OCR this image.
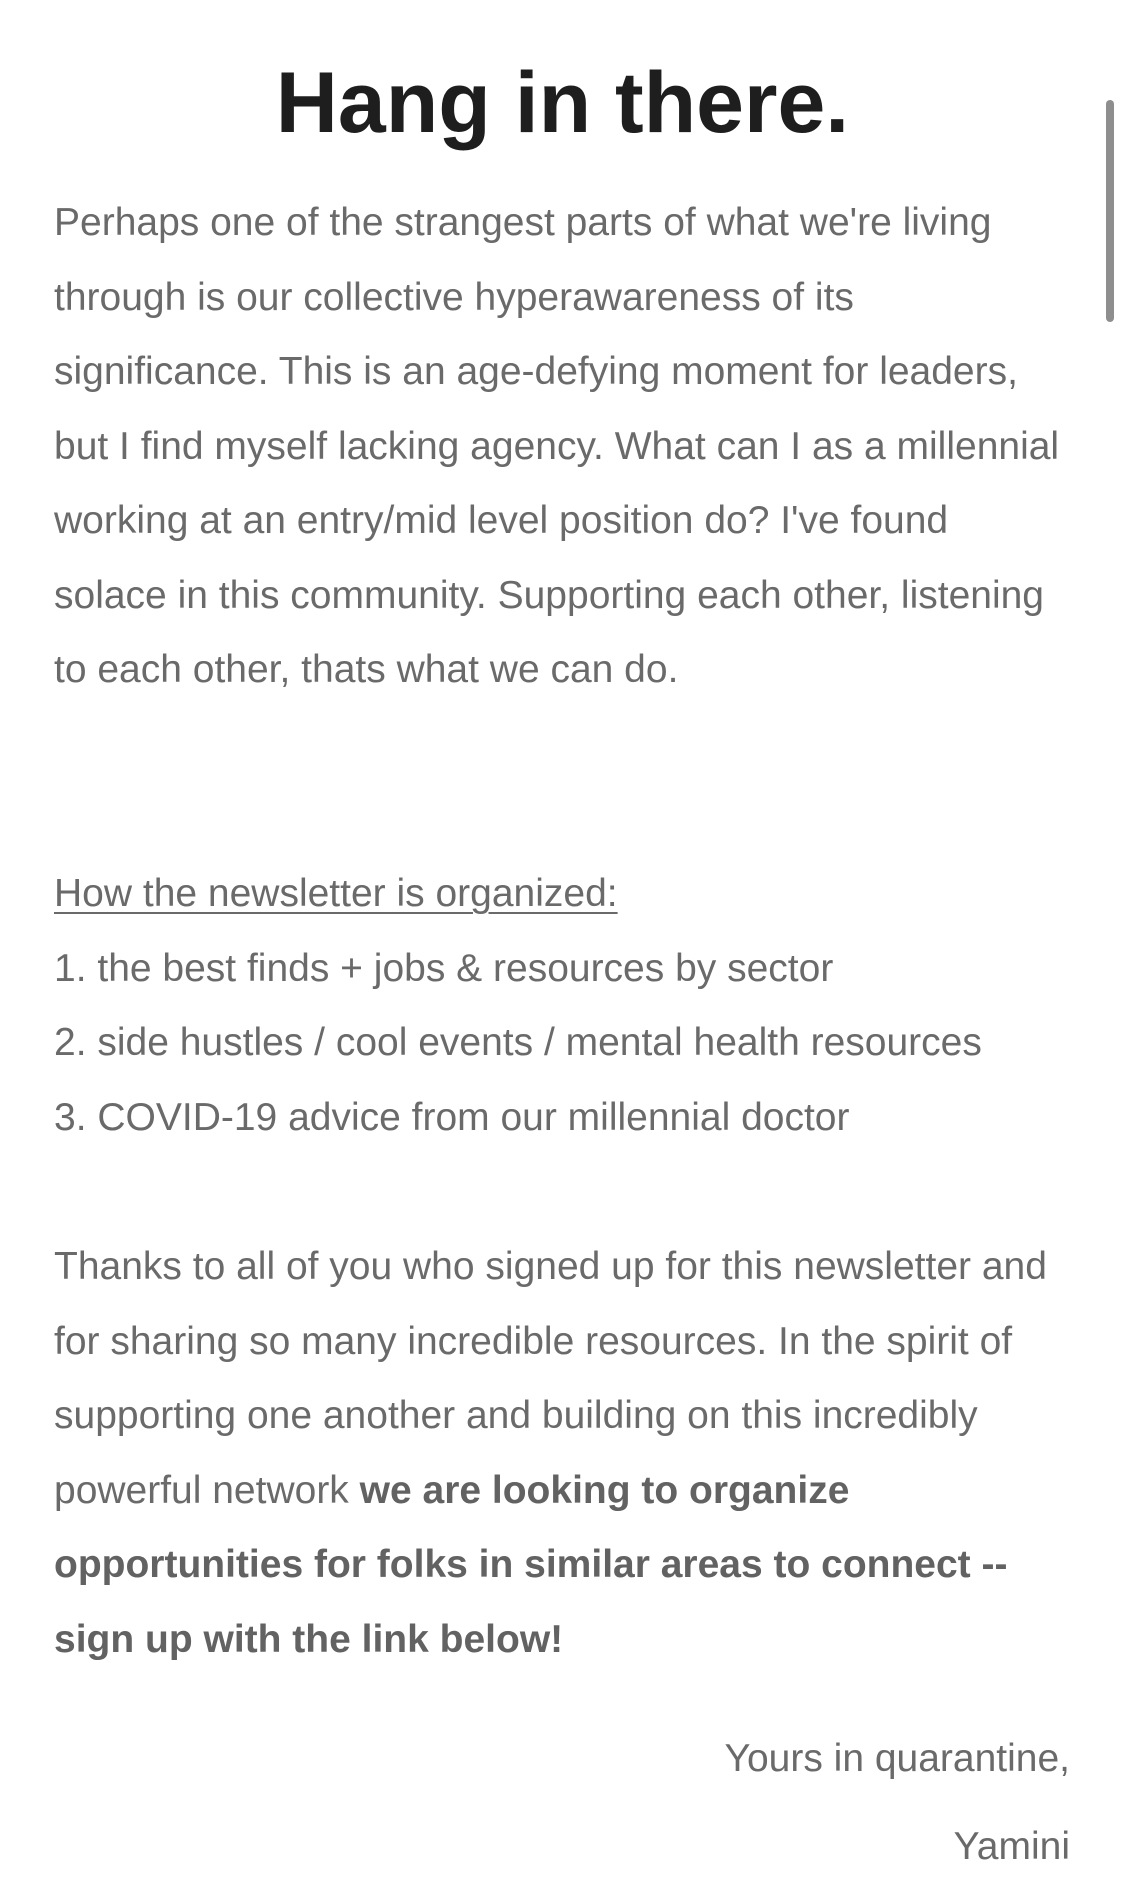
Hang in there.

Perhaps one of the strangest parts of what we're living through is our collective hyperawareness of its significance. This is an age-defying moment for leaders, but I find myself lacking agency. What can I as a millennial working at an entry/mid level position do? I've found solace in this community. Supporting each other, listening to each other, thats what we can do.

How the newsletter is organized:
1. the best finds + jobs & resources by sector
2. side hustles / cool events / mental health resources
3. COVID-19 advice from our millennial doctor

Thanks to all of you who signed up for this newsletter and for sharing so many incredible resources. In the spirit of supporting one another and building on this incredibly powerful network we are looking to organize opportunities for folks in similar areas to connect -- sign up with the link below!

Yours in quarantine,
Yamini
